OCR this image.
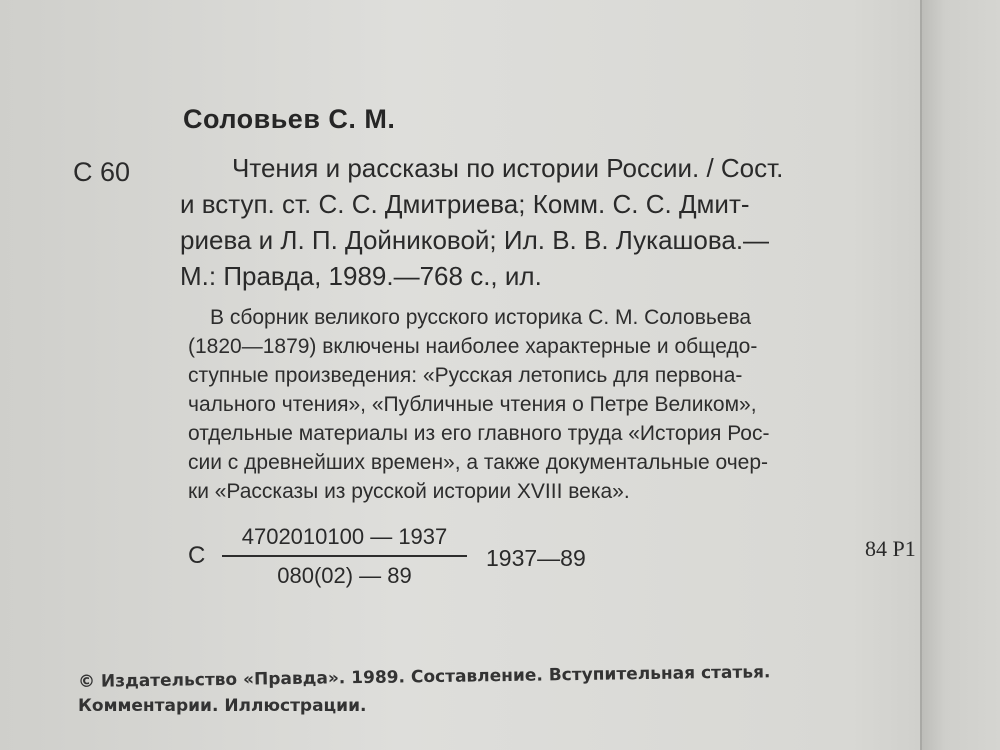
Соловьев С. М.
С 60	Чтения и рассказы по истории России. / Сост.
и вступ. ст. С. С. Дмитриева; Комм. С. С. Дмит-
риева и Л. П. Дойниковой; Ил. В. В. Лукашова.—
М.: Правда, 1989.—768 с., ил.
В сборник великого русского историка С. М. Соловьева
(1820—1879) включены наиболее характерные и общедо-
ступные произведения: «Русская летопись для первона-
чального чтения», «Публичные чтения о Петре Великом»,
отдельные материалы из его главного труда «История Рос-
сии с древнейших времен», а также документальные очер-
ки «Рассказы из русской истории XVIII века».
С
4702010100 — 1937
080(02) — 89
1937—89	84 Р1
© Издательство «Правда». 1989. Составление. Вступительная статья.
Комментарии. Иллюстрации.
